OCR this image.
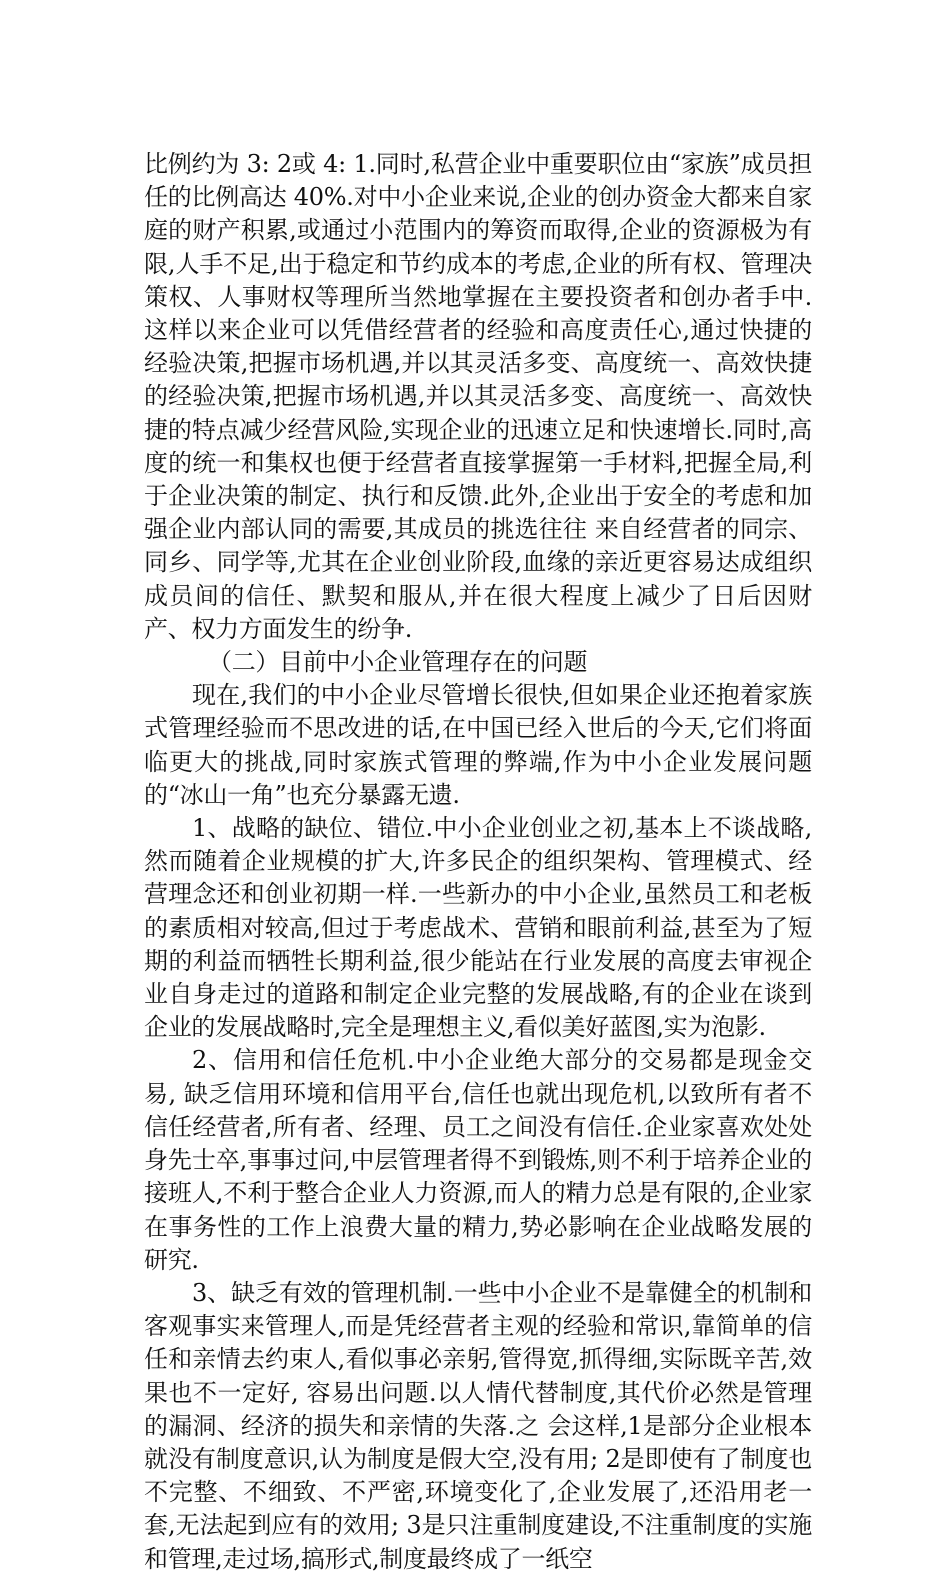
比例约为 3: 2或 4: 1.同时,私营企业中重要职位由“家族”成员担任的比例高达 40%.对中小企业来说,企业的创办资金大都来自家庭的财产积累,或通过小范围内的筹资而取得,企业的资源极为有限,人手不足,出于稳定和节约成本的考虑,企业的所有权、管理决策权、人事财权等理所当然地掌握在主要投资者和创办者手中.这样以来企业可以凭借经营者的经验和高度责任心,通过快捷的经验决策,把握市场机遇,并以其灵活多变、高度统一、高效快捷的经验决策,把握市场机遇,并以其灵活多变、高度统一、高效快捷的特点减少经营风险,实现企业的迅速立足和快速增长.同时,高度的统一和集权也便于经营者直接掌握第一手材料,把握全局,利于企业决策的制定、执行和反馈.此外,企业出于安全的考虑和加强企业内部认同的需要,其成员的挑选往往 来自经营者的同宗、同乡、同学等,尤其在企业创业阶段,血缘的亲近更容易达成组织成员间的信任、默契和服从,并在很大程度上减少了日后因财产、权力方面发生的纷争.

（二）目前中小企业管理存在的问题

现在,我们的中小企业尽管增长很快,但如果企业还抱着家族式管理经验而不思改进的话,在中国已经入世后的今天,它们将面临更大的挑战,同时家族式管理的弊端,作为中小企业发展问题的“冰山一角”也充分暴露无遗.

1、战略的缺位、错位.中小企业创业之初,基本上不谈战略,然而随着企业规模的扩大,许多民企的组织架构、管理模式、经营理念还和创业初期一样.一些新办的中小企业,虽然员工和老板的素质相对较高,但过于考虑战术、营销和眼前利益,甚至为了短期的利益而牺牲长期利益,很少能站在行业发展的高度去审视企业自身走过的道路和制定企业完整的发展战略,有的企业在谈到企业的发展战略时,完全是理想主义,看似美好蓝图,实为泡影.

2、信用和信任危机.中小企业绝大部分的交易都是现金交易, 缺乏信用环境和信用平台,信任也就出现危机,以致所有者不信任经营者,所有者、经理、员工之间没有信任.企业家喜欢处处身先士卒,事事过问,中层管理者得不到锻炼,则不利于培养企业的接班人,不利于整合企业人力资源,而人的精力总是有限的,企业家在事务性的工作上浪费大量的精力,势必影响在企业战略发展的研究.

3、缺乏有效的管理机制.一些中小企业不是靠健全的机制和客观事实来管理人,而是凭经营者主观的经验和常识,靠简单的信任和亲情去约束人,看似事必亲躬,管得宽,抓得细,实际既辛苦,效果也不一定好, 容易出问题.以人情代替制度,其代价必然是管理的漏洞、经济的损失和亲情的失落.之 会这样,1是部分企业根本就没有制度意识,认为制度是假大空,没有用; 2是即使有了制度也不完整、不细致、不严密,环境变化了,企业发展了,还沿用老一套,无法起到应有的效用; 3是只注重制度建设,不注重制度的实施和管理,走过场,搞形式,制度最终成了一纸空
